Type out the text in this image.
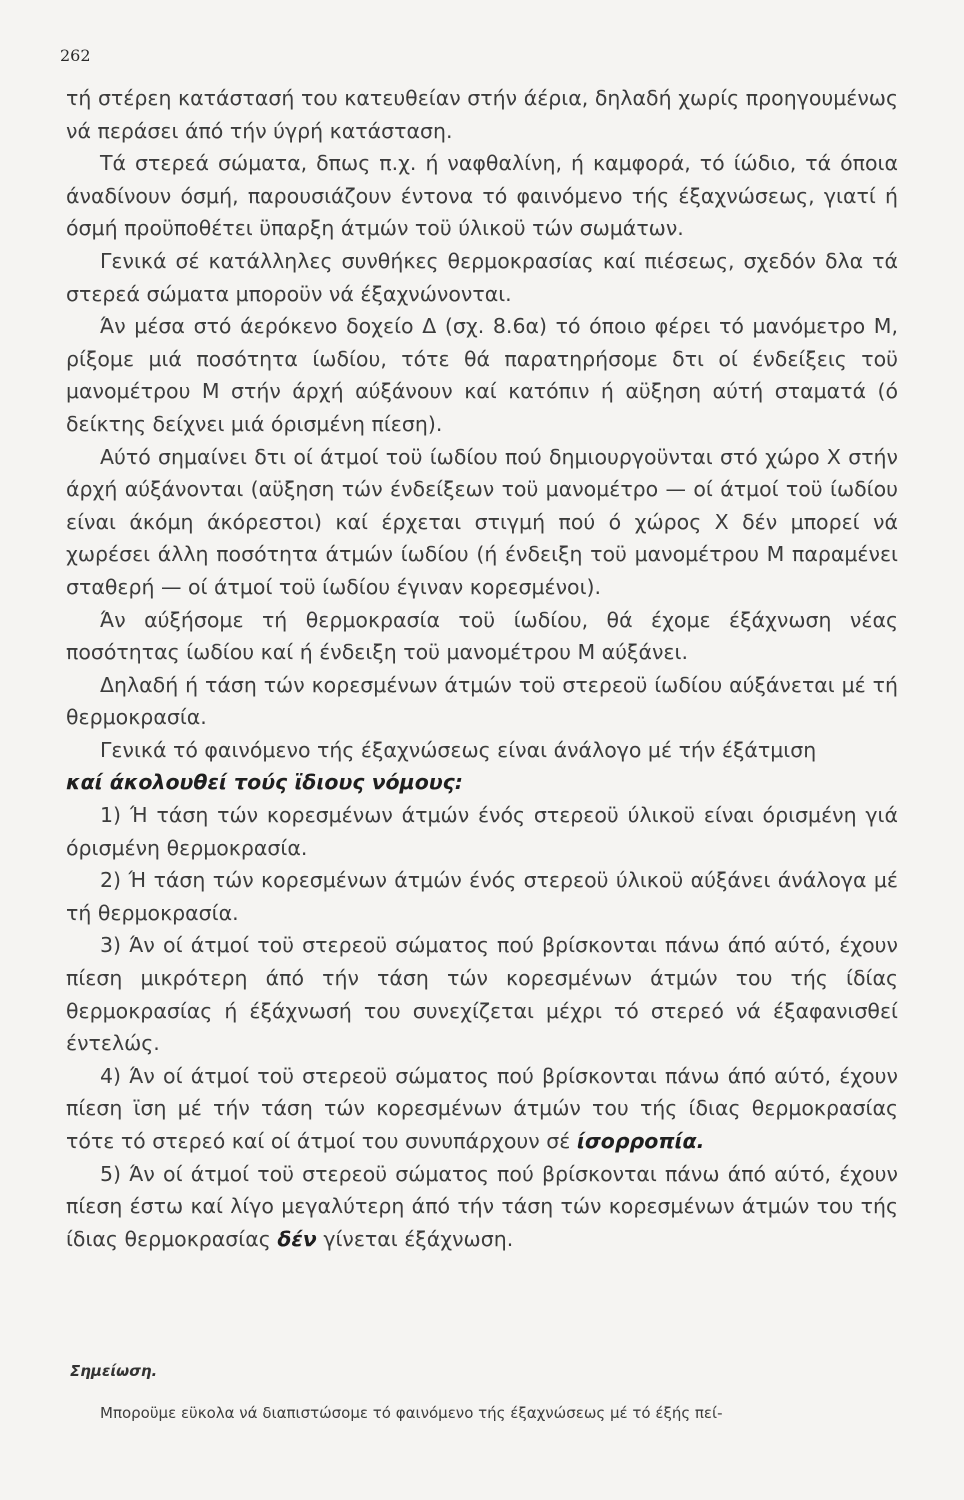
262

τή στέρεη κατάστασή του κατευθείαν στήν άέρια, δηλαδή χωρίς προηγουμένως νά περάσει άπό τήν ύγρή κατάσταση.

Τά στερεά σώματα, δπως π.χ. ή ναφθαλίνη, ή καμφορά, τό ίώδιο, τά όποια άναδίνουν όσμή, παρουσιάζουν έντονα τό φαινόμενο τής έξαχνώσεως, γιατί ή όσμή προϋποθέτει ϋπαρξη άτμών τοϋ ύλικοϋ τών σωμάτων.

Γενικά σέ κατάλληλες συνθήκες θερμοκρασίας καί πιέσεως, σχεδόν δλα τά στερεά σώματα μποροϋν νά έξαχνώνονται.

Άν μέσα στό άερόκενο δοχείο Δ (σχ. 8.6α) τό όποιο φέρει τό μανόμετρο Μ, ρίξομε μιά ποσότητα ίωδίου, τότε θά παρατηρήσομε δτι οί ένδείξεις τοϋ μανομέτρου Μ στήν άρχή αύξάνουν καί κατόπιν ή αϋξηση αύτή σταματά (ό δείκτης δείχνει μιά όρισμένη πίεση).

Αύτό σημαίνει δτι οί άτμοί τοϋ ίωδίου πού δημιουργοϋνται στό χώρο Χ στήν άρχή αύξάνονται (αϋξηση τών ένδείξεων τοϋ μανομέτρο — οί άτμοί τοϋ ίωδίου είναι άκόμη άκόρεστοι) καί έρχεται στιγμή πού ό χώρος Χ δέν μπορεί νά χωρέσει άλλη ποσότητα άτμών ίωδίου (ή ένδειξη τοϋ μανομέτρου Μ παραμένει σταθερή — οί άτμοί τοϋ ίωδίου έγιναν κορεσμένοι).

Άν αύξήσομε τή θερμοκρασία τοϋ ίωδίου, θά έχομε έξάχνωση νέας ποσότητας ίωδίου καί ή ένδειξη τοϋ μανομέτρου Μ αύξάνει.

Δηλαδή ή τάση τών κορεσμένων άτμών τοϋ στερεοϋ ίωδίου αύξάνεται μέ τή θερμοκρασία.

Γενικά τό φαινόμενο τής έξαχνώσεως είναι άνάλογο μέ τήν έξάτμιση

καί άκολουθεί τούς ϊδιους νόμους:

1) Ή τάση τών κορεσμένων άτμών ένός στερεοϋ ύλικοϋ είναι όρισμένη γιά όρισμένη θερμοκρασία.

2) Ή τάση τών κορεσμένων άτμών ένός στερεοϋ ύλικοϋ αύξάνει άνάλογα μέ τή θερμοκρασία.

3) Άν οί άτμοί τοϋ στερεοϋ σώματος πού βρίσκονται πάνω άπό αύτό, έχουν πίεση μικρότερη άπό τήν τάση τών κορεσμένων άτμών του τής ίδίας θερμοκρασίας ή έξάχνωσή του συνεχίζεται μέχρι τό στερεό νά έξαφανισθεί έντελώς.

4) Άν οί άτμοί τοϋ στερεοϋ σώματος πού βρίσκονται πάνω άπό αύτό, έχουν πίεση ϊση μέ τήν τάση τών κορεσμένων άτμών του τής ίδιας θερμοκρασίας τότε τό στερεό καί οί άτμοί του συνυπάρχουν σέ ίσορροπία.

5) Άν οί άτμοί τοϋ στερεοϋ σώματος πού βρίσκονται πάνω άπό αύτό, έχουν πίεση έστω καί λίγο μεγαλύτερη άπό τήν τάση τών κορεσμένων άτμών του τής ίδιας θερμοκρασίας δέν γίνεται έξάχνωση.

Σημείωση.
Μποροϋμε εϋκολα νά διαπιστώσομε τό φαινόμενο τής έξαχνώσεως μέ τό έξής πεί-
